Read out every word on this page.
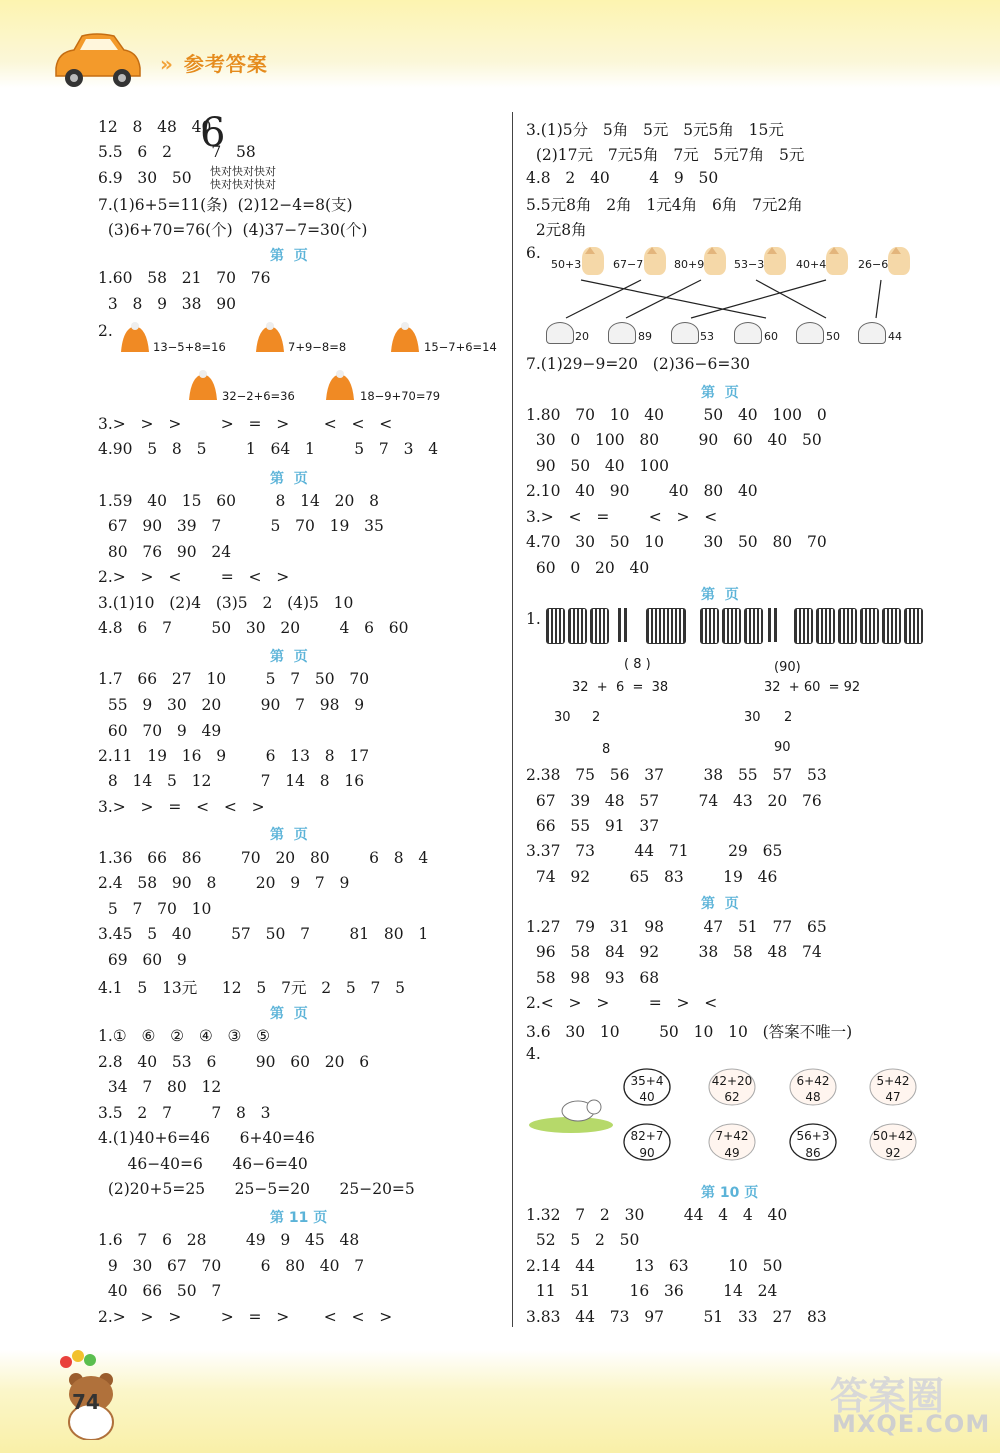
» 参考答案
12   8   48   40
5.5   6   2        7   58
6.9   30   50
7.(1)6+5=11(条)  (2)12−4=8(支)
(3)6+70=76(个)  (4)37−7=30(个)
第  页
1.60   58   21   70   76
3   8   9   38   90
2.
13−5+8=16	7+9−8=8	15−7+6=14
32−2+6=36	18−9+70=79
3.>   >   >        >   =   >       <   <   <
4.90   5   8   5        1   64   1        5   7   3   4
第  页
1.59   40   15   60        8   14   20   8
67   90   39   7          5   70   19   35
80   76   90   24
2.>   >   <        =   <   >
3.(1)10   (2)4   (3)5   2   (4)5   10
4.8   6   7        50   30   20        4   6   60
第  页
1.7   66   27   10        5   7   50   70
55   9   30   20        90   7   98   9
60   70   9   49
2.11   19   16   9        6   13   8   17
8   14   5   12          7   14   8   16
3.>   >   =   <   <   >
第  页
1.36   66   86        70   20   80        6   8   4
2.4   58   90   8        20   9   7   9
5   7   70   10
3.45   5   40        57   50   7        81   80   1
69   60   9
4.1   5   13元     12   5   7元   2   5   7   5
第  页
1.①   ⑥   ②   ④   ③   ⑤
2.8   40   53   6        90   60   20   6
34   7   80   12
3.5   2   7        7   8   3
4.(1)40+6=46      6+40=46
46−40=6      46−6=40
(2)20+5=25      25−5=20      25−20=5
第 11 页
1.6   7   6   28        49   9   45   48
9   30   67   70        6   80   40   7
40   66   50   7
2.>   >   >        >   =   >       <   <   >
6
快对快对快对
快对快对快对
3.(1)5分   5角   5元   5元5角   15元
(2)17元   7元5角   7元   5元7角   5元
4.8   2   40        4   9   50
5.5元8角   2角   1元4角   6角   7元2角
2元8角
6.
50+3	67−7	80+9	53−3	40+4	26−6
20	89	53	60	50	44
7.(1)29−9=20   (2)36−6=30
第  页
1.80   70   10   40        50   40   100   0
30   0   100   80        90   60   40   50
90   50   40   100
2.10   40   90        40   80   40
3.>   <   =        <   >   <
4.70   30   50   10        30   50   80   70
60   0   20   40
第  页
1.
( 8 )
32  +  6  =  38
30 2
8
(90)
32  + 60  = 92
30 2
90
2.38   75   56   37        38   55   57   53
67   39   48   57        74   43   20   76
66   55   91   37
3.37   73        44   71        29   65
74   92        65   83        19   46
第  页
1.27   79   31   98        47   51   77   65
96   58   84   92        38   58   48   74
58   98   93   68
2.<   >   >        =   >   <
3.6   30   10        50   10   10   (答案不唯一)
4.
35+4
40
42+20
62
6+42
48
5+42
47
82+7
90
7+42
49
56+3
86
50+42
92
第 10 页
1.32   7   2   30        44   4   4   40
52   5   2   50
2.14   44        13   63        10   50
11   51        16   36        14   24
3.83   44   73   97        51   33   27   83
74	答案圈
MXQE.COM
